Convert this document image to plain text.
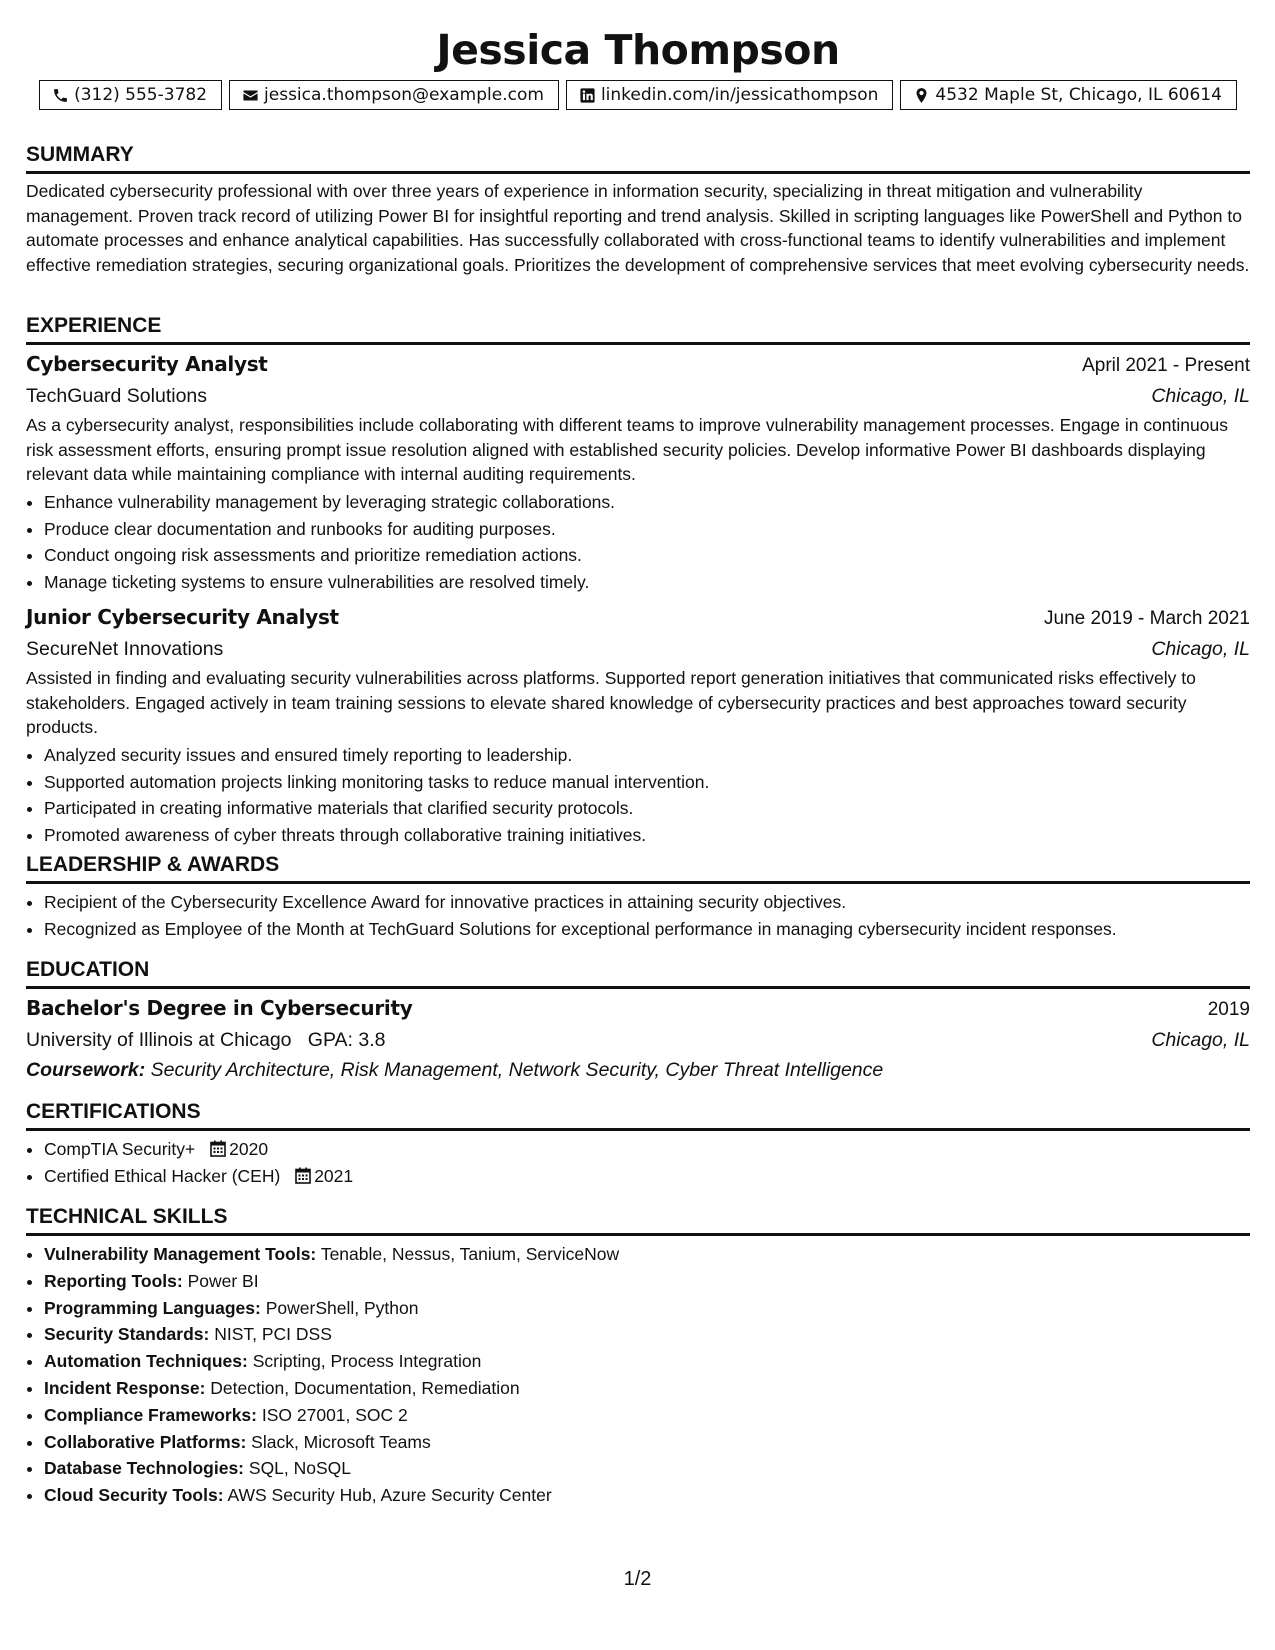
Jessica Thompson
(312) 555-3782	jessica.thompson@example.com	linkedin.com/in/jessicathompson	4532 Maple St, Chicago, IL 60614
SUMMARY

Dedicated cybersecurity professional with over three years of experience in information security, specializing in threat mitigation and vulnerability management. Proven track record of utilizing Power BI for insightful reporting and trend analysis. Skilled in scripting languages like PowerShell and Python to automate processes and enhance analytical capabilities. Has successfully collaborated with cross-functional teams to identify vulnerabilities and implement effective remediation strategies, securing organizational goals. Prioritizes the development of comprehensive services that meet evolving cybersecurity needs.

EXPERIENCE
Cybersecurity Analyst	April 2021 - Present
TechGuard Solutions	Chicago, IL

As a cybersecurity analyst, responsibilities include collaborating with different teams to improve vulnerability management processes. Engage in continuous risk assessment efforts, ensuring prompt issue resolution aligned with established security policies. Develop informative Power BI dashboards displaying relevant data while maintaining compliance with internal auditing requirements.

• Enhance vulnerability management by leveraging strategic collaborations.
• Produce clear documentation and runbooks for auditing purposes.
• Conduct ongoing risk assessments and prioritize remediation actions.
• Manage ticketing systems to ensure vulnerabilities are resolved timely.
Junior Cybersecurity Analyst	June 2019 - March 2021
SecureNet Innovations	Chicago, IL

Assisted in finding and evaluating security vulnerabilities across platforms. Supported report generation initiatives that communicated risks effectively to stakeholders. Engaged actively in team training sessions to elevate shared knowledge of cybersecurity practices and best approaches toward security products.

• Analyzed security issues and ensured timely reporting to leadership.
• Supported automation projects linking monitoring tasks to reduce manual intervention.
• Participated in creating informative materials that clarified security protocols.
• Promoted awareness of cyber threats through collaborative training initiatives.
LEADERSHIP & AWARDS
• Recipient of the Cybersecurity Excellence Award for innovative practices in attaining security objectives.
• Recognized as Employee of the Month at TechGuard Solutions for exceptional performance in managing cybersecurity incident responses.
EDUCATION
Bachelor's Degree in Cybersecurity	2019
University of Illinois at Chicago GPA: 3.8	Chicago, IL
Coursework: Security Architecture, Risk Management, Network Security, Cyber Threat Intelligence
CERTIFICATIONS
• CompTIA Security+ 2020
• Certified Ethical Hacker (CEH) 2021
TECHNICAL SKILLS
• Vulnerability Management Tools: Tenable, Nessus, Tanium, ServiceNow
• Reporting Tools: Power BI
• Programming Languages: PowerShell, Python
• Security Standards: NIST, PCI DSS
• Automation Techniques: Scripting, Process Integration
• Incident Response: Detection, Documentation, Remediation
• Compliance Frameworks: ISO 27001, SOC 2
• Collaborative Platforms: Slack, Microsoft Teams
• Database Technologies: SQL, NoSQL
• Cloud Security Tools: AWS Security Hub, Azure Security Center
1/2
